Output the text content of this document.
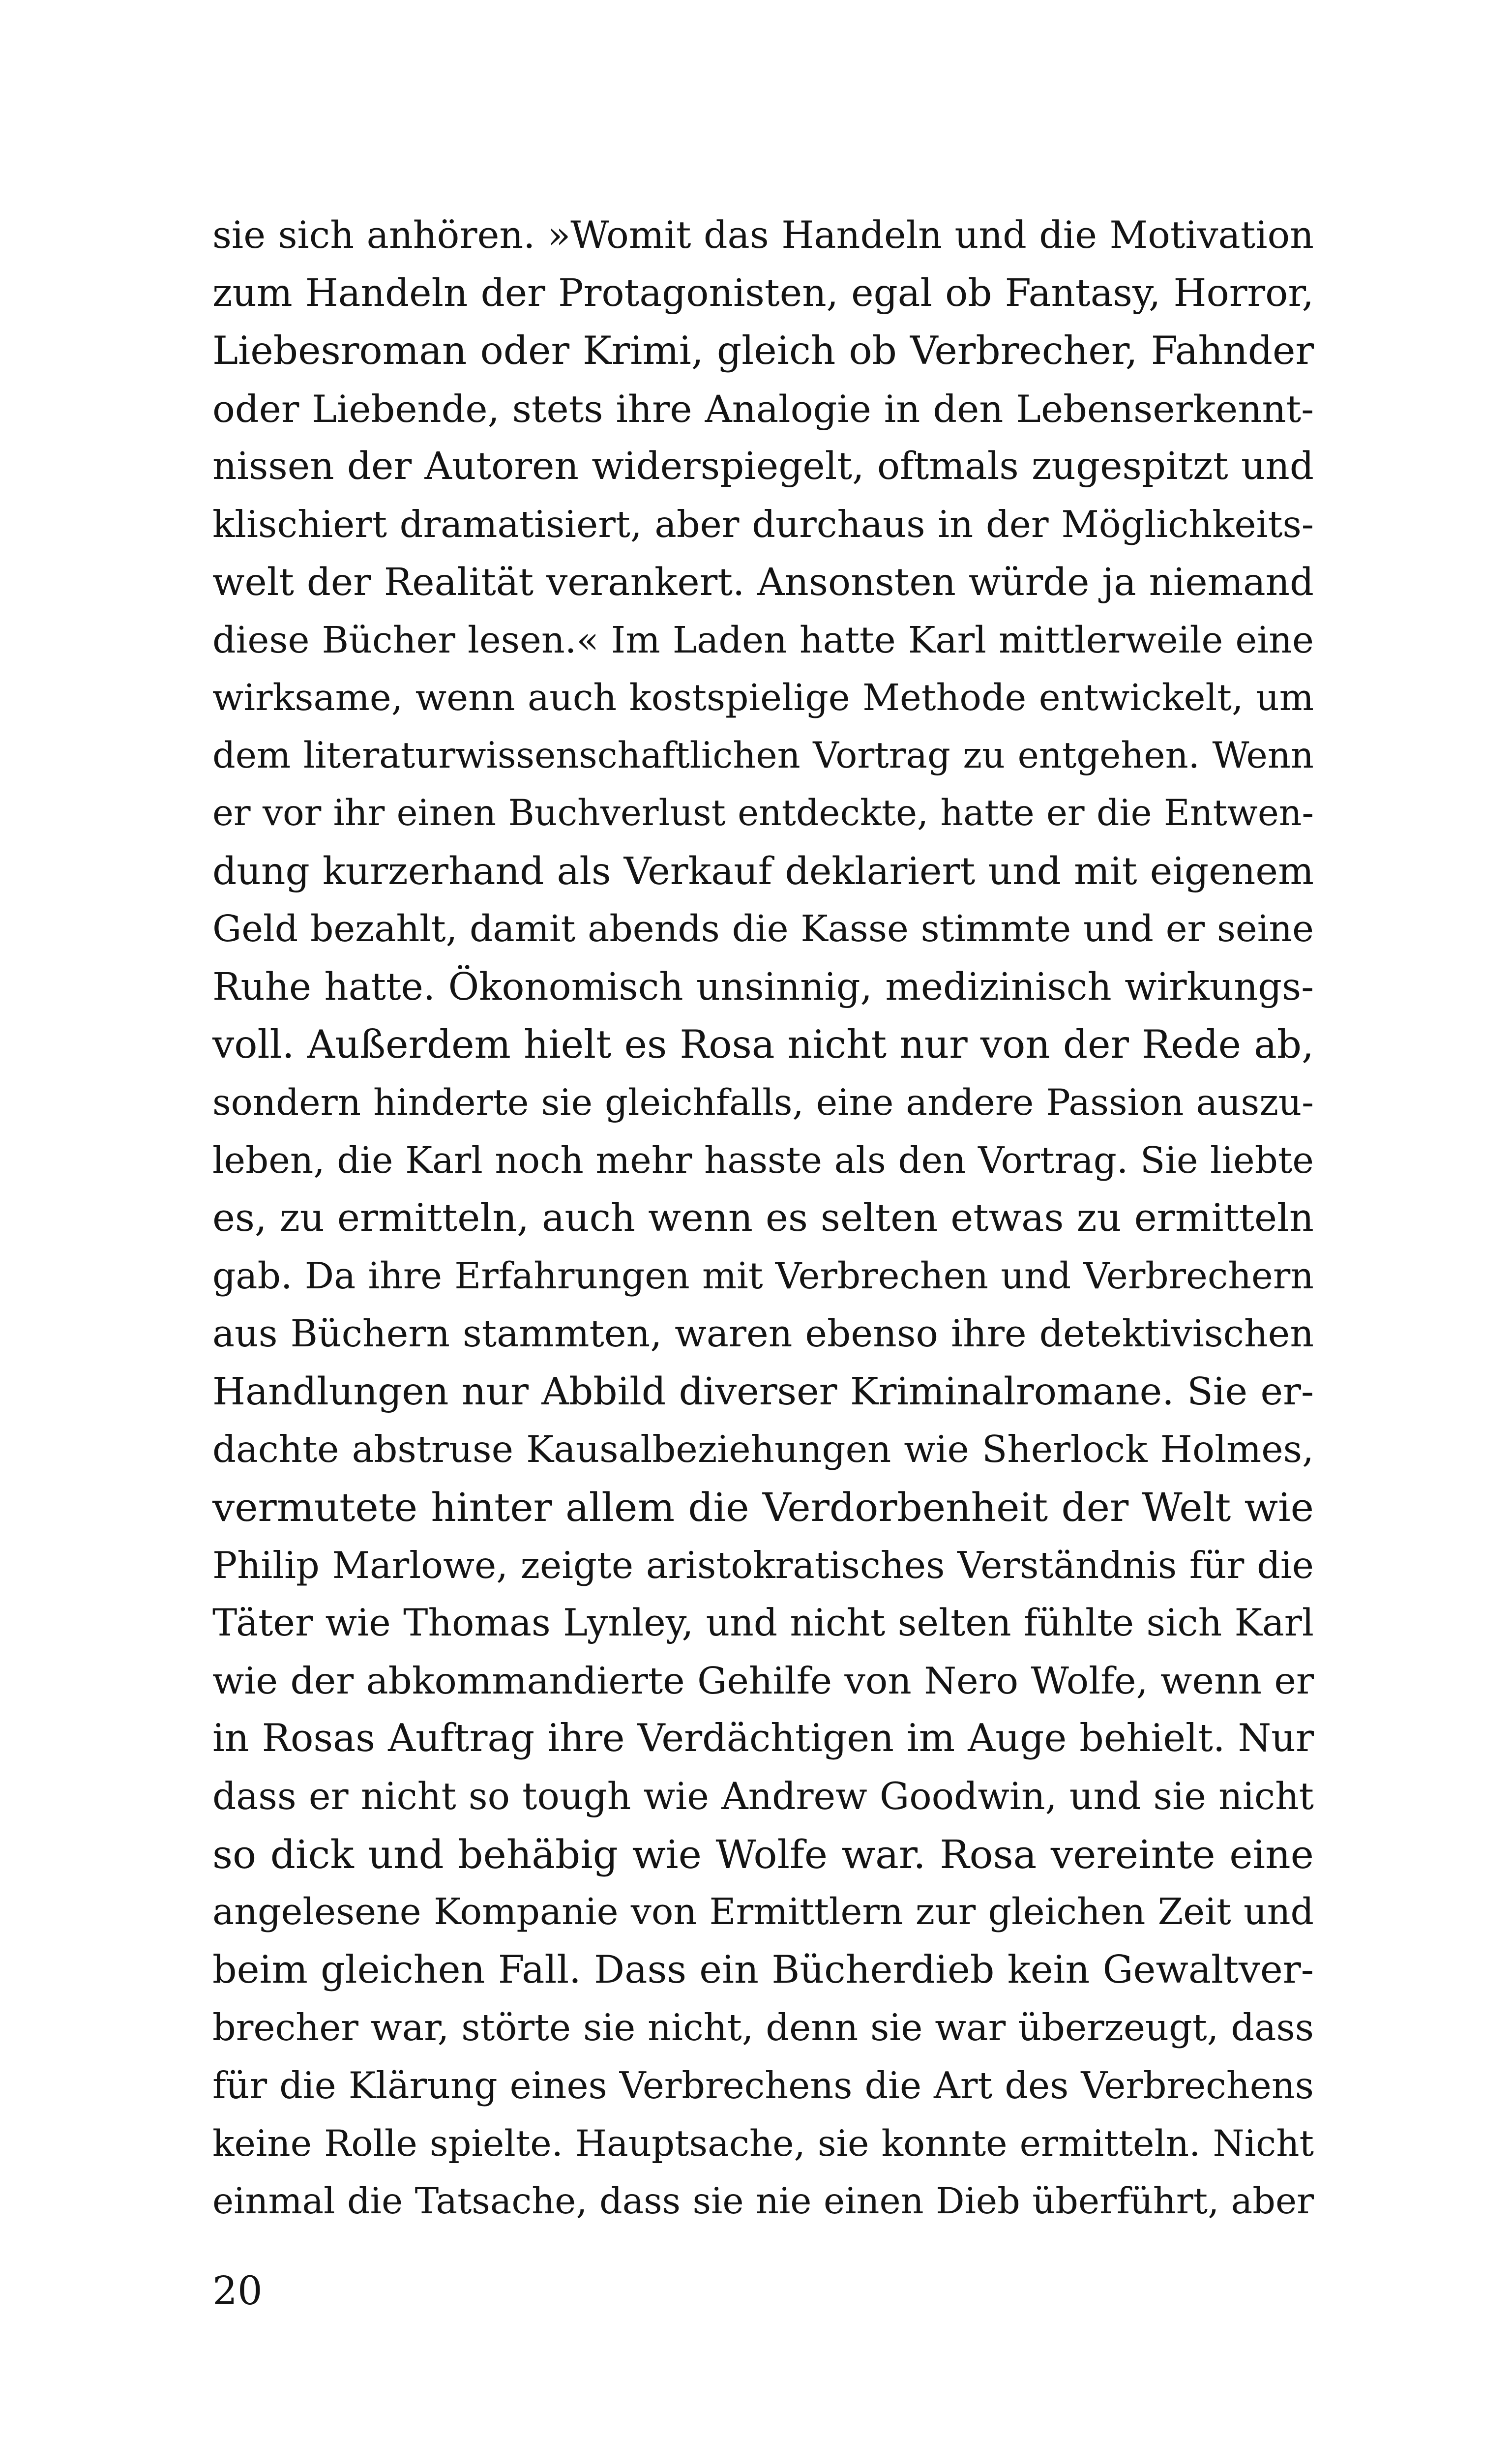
sie sich anhören. »Womit das Handeln und die Motivation
zum Handeln der Protagonisten, egal ob Fantasy, Horror,
Liebesroman oder Krimi, gleich ob Verbrecher, Fahnder
oder Liebende, stets ihre Analogie in den Lebenserkennt-
nissen der Autoren widerspiegelt, oftmals zugespitzt und
klischiert dramatisiert, aber durchaus in der Möglichkeits-
welt der Realität verankert. Ansonsten würde ja niemand
diese Bücher lesen.« Im Laden hatte Karl mittlerweile eine
wirksame, wenn auch kostspielige Methode entwickelt, um
dem literaturwissenschaftlichen Vortrag zu entgehen. Wenn
er vor ihr einen Buchverlust entdeckte, hatte er die Entwen-
dung kurzerhand als Verkauf deklariert und mit eigenem
Geld bezahlt, damit abends die Kasse stimmte und er seine
Ruhe hatte. Ökonomisch unsinnig, medizinisch wirkungs-
voll. Außerdem hielt es Rosa nicht nur von der Rede ab,
sondern hinderte sie gleichfalls, eine andere Passion auszu-
leben, die Karl noch mehr hasste als den Vortrag. Sie liebte
es, zu ermitteln, auch wenn es selten etwas zu ermitteln
gab. Da ihre Erfahrungen mit Verbrechen und Verbrechern
aus Büchern stammten, waren ebenso ihre detektivischen
Handlungen nur Abbild diverser Kriminalromane. Sie er-
dachte abstruse Kausalbeziehungen wie Sherlock Holmes,
vermutete hinter allem die Verdorbenheit der Welt wie
Philip Marlowe, zeigte aristokratisches Verständnis für die
Täter wie Thomas Lynley, und nicht selten fühlte sich Karl
wie der abkommandierte Gehilfe von Nero Wolfe, wenn er
in Rosas Auftrag ihre Verdächtigen im Auge behielt. Nur
dass er nicht so tough wie Andrew Goodwin, und sie nicht
so dick und behäbig wie Wolfe war. Rosa vereinte eine
angelesene Kompanie von Ermittlern zur gleichen Zeit und
beim gleichen Fall. Dass ein Bücherdieb kein Gewaltver-
brecher war, störte sie nicht, denn sie war überzeugt, dass
für die Klärung eines Verbrechens die Art des Verbrechens
keine Rolle spielte. Hauptsache, sie konnte ermitteln. Nicht
einmal die Tatsache, dass sie nie einen Dieb überführt, aber

20
